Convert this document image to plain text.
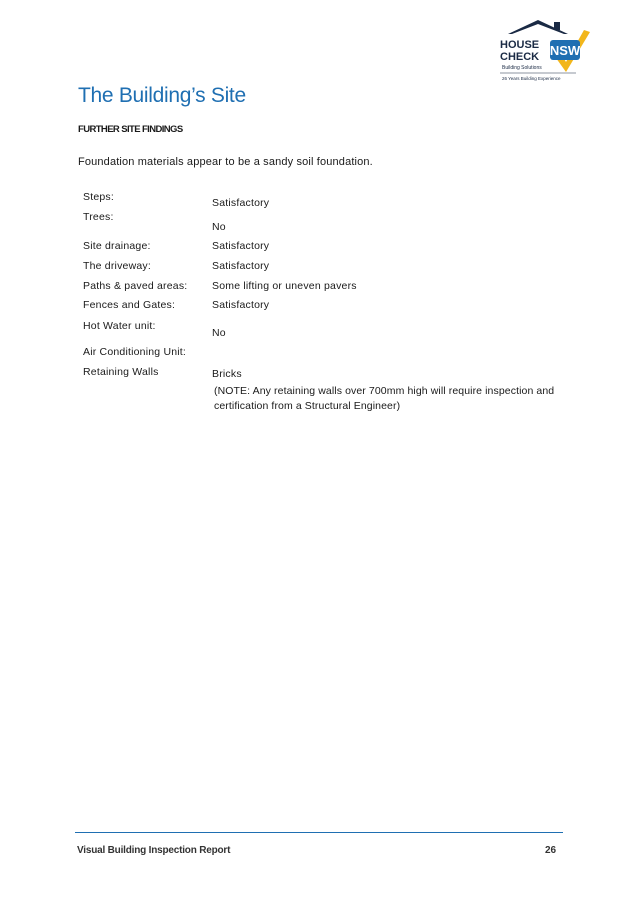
NSW
HOUSE
CHECK
Building Solutions
26 Years Building Experience
The Building’s Site
FURTHER SITE FINDINGS
Foundation materials appear to be a sandy soil foundation.
Steps:	Satisfactory
Trees:
No
Site drainage:	Satisfactory
The driveway:	Satisfactory
Paths & paved areas: Some lifting or uneven pavers
Fences and Gates:	Satisfactory
Hot Water unit:
No
Air Conditioning Unit:
Retaining Walls	Bricks
(NOTE: Any retaining walls over 700mm high will require inspection and certification from a Structural Engineer)
Visual Building Inspection Report	26
